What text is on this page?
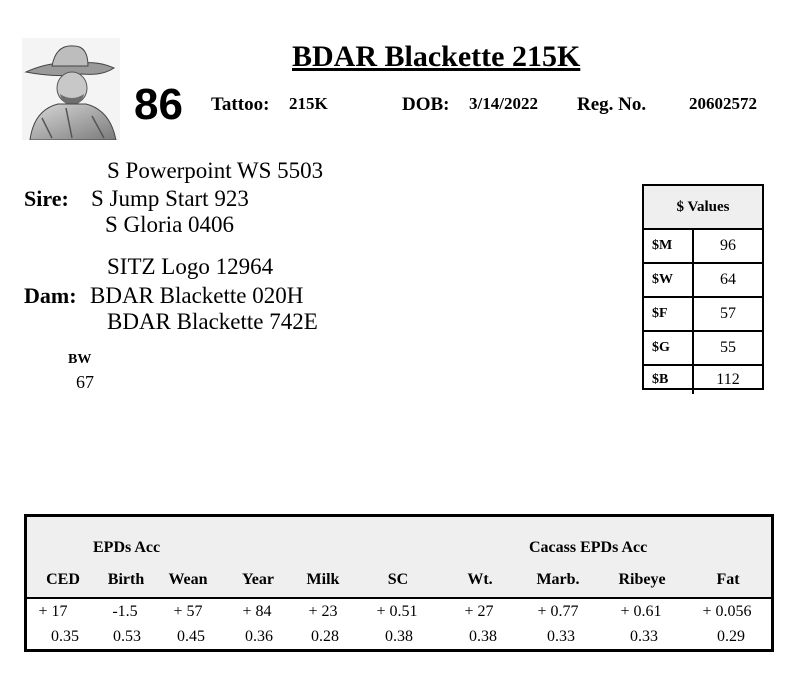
BDAR Blackette 215K
86 Tattoo: 215K	DOB: 3/14/2022 Reg. No.	20602572
S Powerpoint WS 5503
Sire: S Jump Start 923
S Gloria 0406
SITZ Logo 12964
Dam: BDAR Blackette 020H
BDAR Blackette 742E
BW
67
$ Values
$M	96
$W	64
$F	57
$G	55
$B	112
EPDs Acc	Cacass EPDs Acc
CED	Birth	Wean	Year	Milk	SC	Wt.	Marb.	Ribeye	Fat
+ 17	-1.5	+ 57	+ 84	+ 23	+ 0.51	+ 27	+ 0.77	+ 0.61	+ 0.056
0.35	0.53	0.45	0.36	0.28	0.38	0.38	0.33	0.33	0.29
